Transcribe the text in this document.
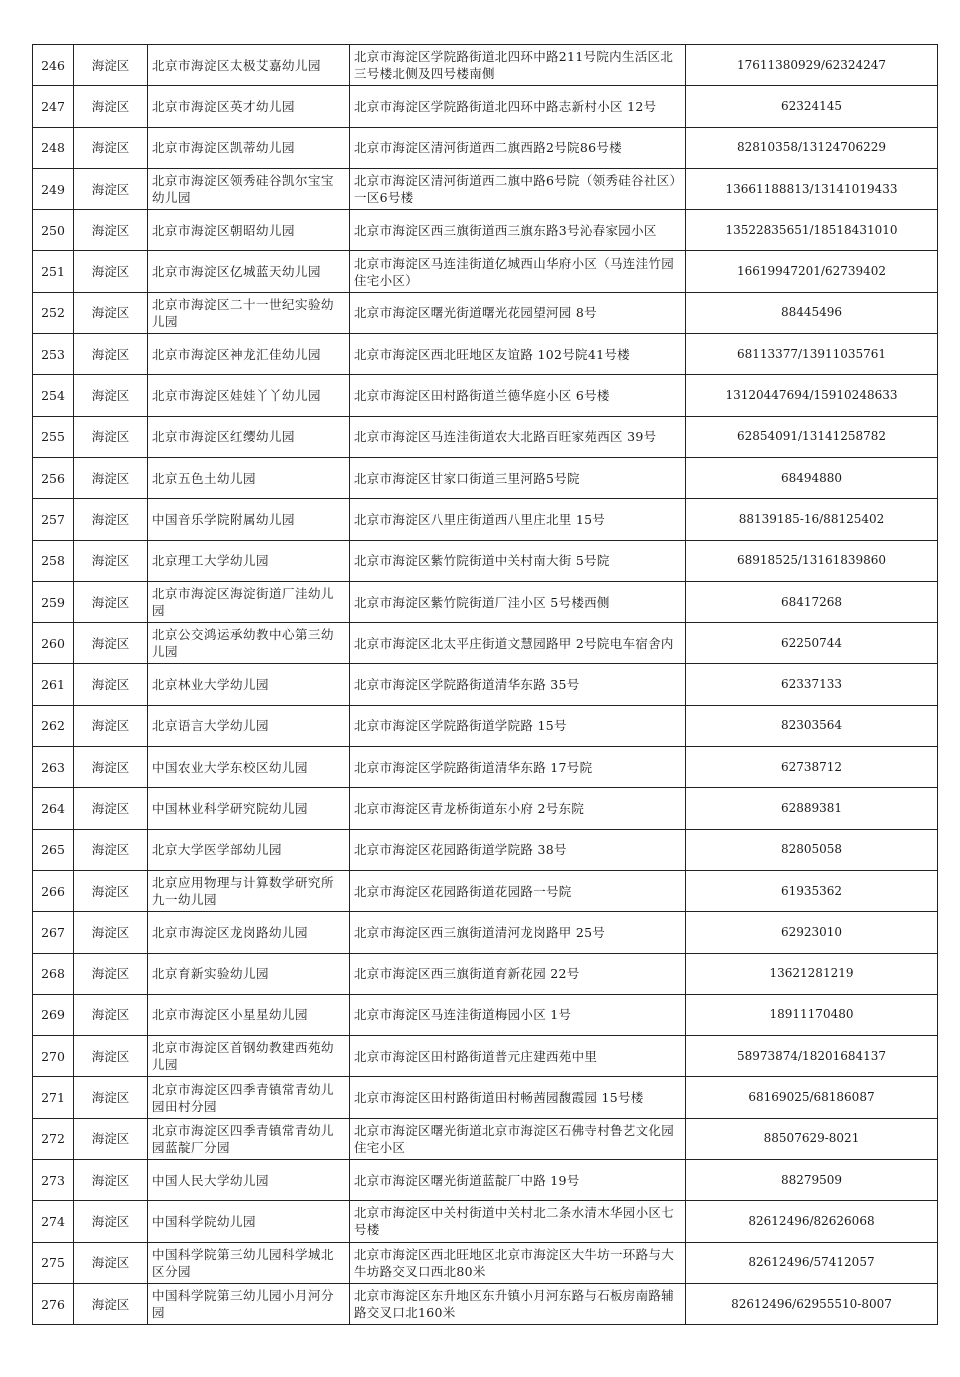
246	海淀区	北京市海淀区太极艾嘉幼儿园	北京市海淀区学院路街道北四环中路211号院内生活区北三号楼北侧及四号楼南侧	17611380929/62324247
247	海淀区	北京市海淀区英才幼儿园	北京市海淀区学院路街道北四环中路志新村小区 12号	62324145
248	海淀区	北京市海淀区凯蒂幼儿园	北京市海淀区清河街道西二旗西路2号院86号楼	82810358/13124706229
249	海淀区	北京市海淀区领秀硅谷凯尔宝宝幼儿园	北京市海淀区清河街道西二旗中路6号院（领秀硅谷社区）一区6号楼	13661188813/13141019433
250	海淀区	北京市海淀区朝昭幼儿园	北京市海淀区西三旗街道西三旗东路3号沁春家园小区	13522835651/18518431010
251	海淀区	北京市海淀区亿城蓝天幼儿园	北京市海淀区马连洼街道亿城西山华府小区（马连洼竹园住宅小区）	16619947201/62739402
252	海淀区	北京市海淀区二十一世纪实验幼儿园	北京市海淀区曙光街道曙光花园望河园 8号	88445496
253	海淀区	北京市海淀区神龙汇佳幼儿园	北京市海淀区西北旺地区友谊路 102号院41号楼	68113377/13911035761
254	海淀区	北京市海淀区娃娃丫丫幼儿园	北京市海淀区田村路街道兰德华庭小区 6号楼	13120447694/15910248633
255	海淀区	北京市海淀区红缨幼儿园	北京市海淀区马连洼街道农大北路百旺家苑西区 39号	62854091/13141258782
256	海淀区	北京五色土幼儿园	北京市海淀区甘家口街道三里河路5号院	68494880
257	海淀区	中国音乐学院附属幼儿园	北京市海淀区八里庄街道西八里庄北里 15号	88139185-16/88125402
258	海淀区	北京理工大学幼儿园	北京市海淀区紫竹院街道中关村南大街 5号院	68918525/13161839860
259	海淀区	北京市海淀区海淀街道厂洼幼儿园	北京市海淀区紫竹院街道厂洼小区 5号楼西侧	68417268
260	海淀区	北京公交鸿运承幼教中心第三幼儿园	北京市海淀区北太平庄街道文慧园路甲 2号院电车宿舍内	62250744
261	海淀区	北京林业大学幼儿园	北京市海淀区学院路街道清华东路 35号	62337133
262	海淀区	北京语言大学幼儿园	北京市海淀区学院路街道学院路 15号	82303564
263	海淀区	中国农业大学东校区幼儿园	北京市海淀区学院路街道清华东路 17号院	62738712
264	海淀区	中国林业科学研究院幼儿园	北京市海淀区青龙桥街道东小府 2号东院	62889381
265	海淀区	北京大学医学部幼儿园	北京市海淀区花园路街道学院路 38号	82805058
266	海淀区	北京应用物理与计算数学研究所九一幼儿园	北京市海淀区花园路街道花园路一号院	61935362
267	海淀区	北京市海淀区龙岗路幼儿园	北京市海淀区西三旗街道清河龙岗路甲 25号	62923010
268	海淀区	北京育新实验幼儿园	北京市海淀区西三旗街道育新花园 22号	13621281219
269	海淀区	北京市海淀区小星星幼儿园	北京市海淀区马连洼街道梅园小区 1号	18911170480
270	海淀区	北京市海淀区首钢幼教建西苑幼儿园	北京市海淀区田村路街道普元庄建西苑中里	58973874/18201684137
271	海淀区	北京市海淀区四季青镇常青幼儿园田村分园	北京市海淀区田村路街道田村畅茜园馥霞园 15号楼	68169025/68186087
272	海淀区	北京市海淀区四季青镇常青幼儿园蓝靛厂分园	北京市海淀区曙光街道北京市海淀区石佛寺村鲁艺文化园住宅小区	88507629-8021
273	海淀区	中国人民大学幼儿园	北京市海淀区曙光街道蓝靛厂中路 19号	88279509
274	海淀区	中国科学院幼儿园	北京市海淀区中关村街道中关村北二条水清木华园小区七号楼	82612496/82626068
275	海淀区	中国科学院第三幼儿园科学城北区分园	北京市海淀区西北旺地区北京市海淀区大牛坊一环路与大牛坊路交叉口西北80米	82612496/57412057
276	海淀区	中国科学院第三幼儿园小月河分园	北京市海淀区东升地区东升镇小月河东路与石板房南路辅路交叉口北160米	82612496/62955510-8007
